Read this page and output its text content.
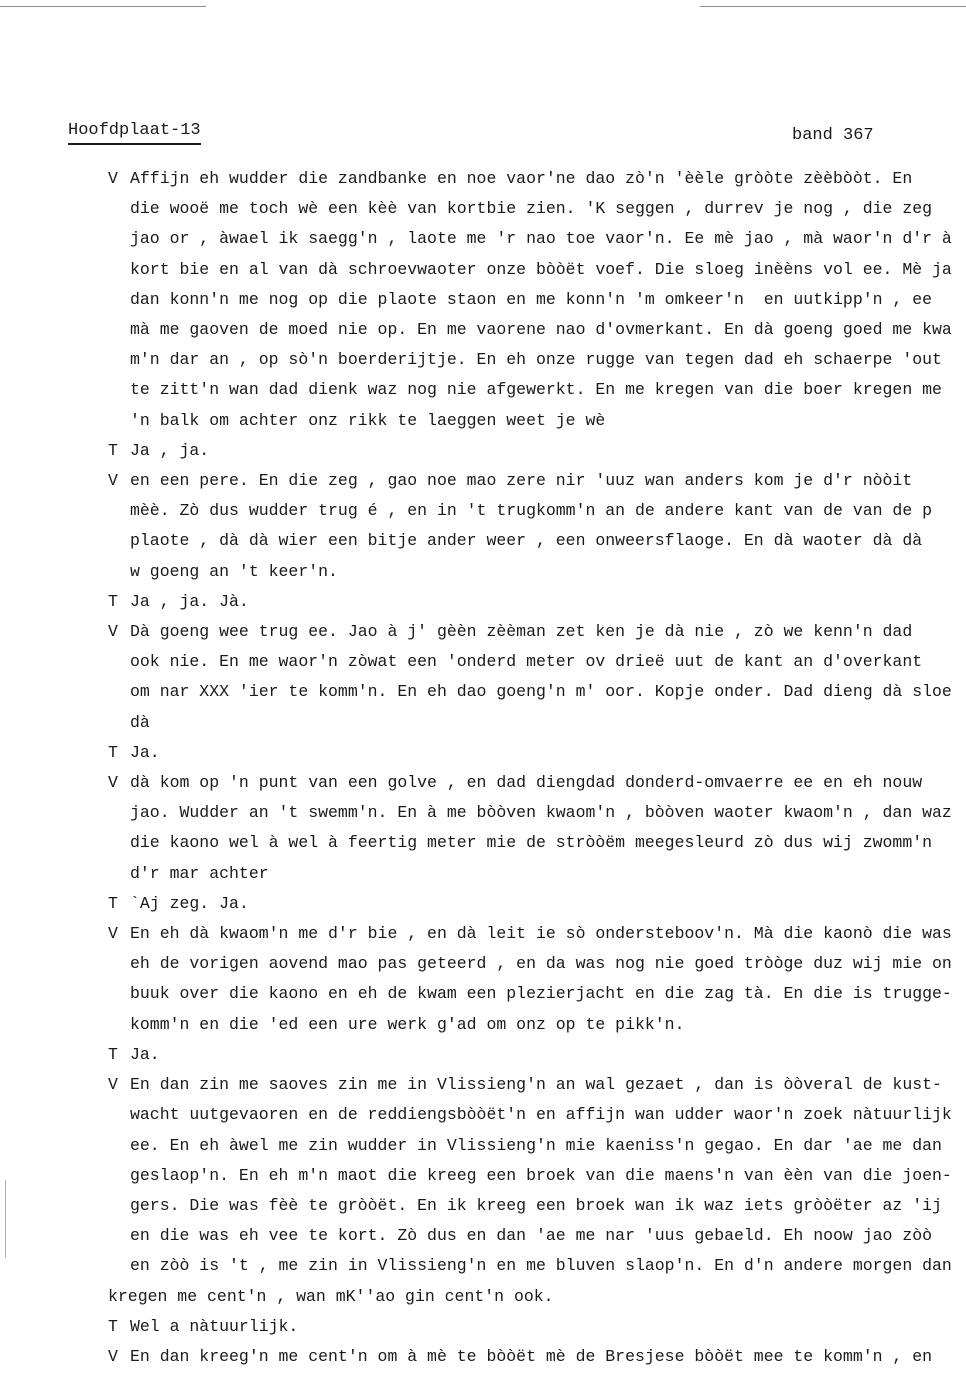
Hoofdplaat-13	band 367
V Affijn eh wudder die zandbanke en noe vaor'ne dao zò'n 'èèle gròòte zèèbòòt. En
die wooë me toch wè een kèè van kortbie zien. 'K seggen , durrev je nog , die zeg
jao or , àwael ik saegg'n , laote me 'r nao toe vaor'n. Ee mè jao , mà waor'n d'r à
kort bie en al van dà schroevwaoter onze bòòët voef. Die sloeg inèèns vol ee. Mè ja
dan konn'n me nog op die plaote staon en me konn'n 'm omkeer'n  en uutkipp'n , ee
mà me gaoven de moed nie op. En me vaorene nao d'ovmerkant. En dà goeng goed me kwa
m'n dar an , op sò'n boerderijtje. En eh onze rugge van tegen dad eh schaerpe 'out
te zitt'n wan dad dienk waz nog nie afgewerkt. En me kregen van die boer kregen me
'n balk om achter onz rikk te laeggen weet je wè
T Ja , ja.
V en een pere. En die zeg , gao noe mao zere nir 'uuz wan anders kom je d'r nòòit
mèè. Zò dus wudder trug é , en in 't trugkomm'n an de andere kant van de van de p
plaote , dà dà wier een bitje ander weer , een onweersflaoge. En dà waoter dà dà
w goeng an 't keer'n.
T Ja , ja. Jà.
V Dà goeng wee trug ee. Jao à j' gèèn zèèman zet ken je dà nie , zò we kenn'n dad
ook nie. En me waor'n zòwat een 'onderd meter ov drieë uut de kant an d'overkant
om nar XXX 'ier te komm'n. En eh dao goeng'n m' oor. Kopje onder. Dad dieng dà sloe
dà
T Ja.
V dà kom op 'n punt van een golve , en dad diengdad donderd-omvaerre ee en eh nouw
jao. Wudder an 't swemm'n. En à me bòòven kwaom'n , bòòven waoter kwaom'n , dan waz
die kaono wel à wel à feertig meter mie de stròòëm meegesleurd zò dus wij zwomm'n
d'r mar achter
T `Aj zeg. Ja.
V En eh dà kwaom'n me d'r bie , en dà leit ie sò ondersteboov'n. Mà die kaonò die was
eh de vorigen aovend mao pas geteerd , en da was nog nie goed tròòge duz wij mie on
buuk over die kaono en eh de kwam een plezierjacht en die zag tà. En die is trugge-
komm'n en die 'ed een ure werk g'ad om onz op te pikk'n.
T Ja.
V En dan zin me saoves zin me in Vlissieng'n an wal gezaet , dan is òòveral de kust-
wacht uutgevaoren en de reddiengsbòòët'n en affijn wan udder waor'n zoek nàtuurlijk
ee. En eh àwel me zin wudder in Vlissieng'n mie kaeniss'n gegao. En dar 'ae me dan
geslaop'n. En eh m'n maot die kreeg een broek van die maens'n van èèn van die joen-
gers. Die was fèè te gròòët. En ik kreeg een broek wan ik waz iets gròòëter az 'ij
en die was eh vee te kort. Zò dus en dan 'ae me nar 'uus gebaeld. Eh noow jao zòò
en zòò is 't , me zin in Vlissieng'n en me bluven slaop'n. En d'n andere morgen dan
kregen me cent'n , wan mK''ao gin cent'n ook.
T Wel a nàtuurlijk.
V En dan kreeg'n me cent'n om à mè te bòòët mè de Bresjese bòòët mee te komm'n , en
